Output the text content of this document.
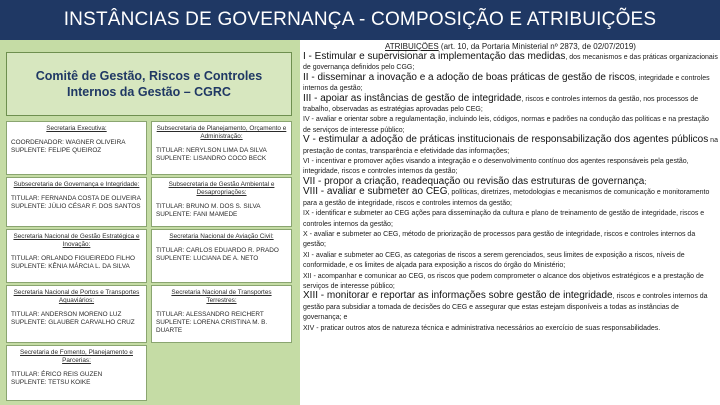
INSTÂNCIAS DE GOVERNANÇA - COMPOSIÇÃO E ATRIBUIÇÕES
Comitê de Gestão, Riscos e Controles
Internos da Gestão – CGRC
Secretaria Executiva:
COORDENADOR: WAGNER OLIVEIRA
SUPLENTE: FELIPE QUEIROZ
Subsecretaria de Planejamento, Orçamento e Administração:
TITULAR: NERYLSON LIMA DA SILVA
SUPLENTE: LISANDRO COCO BECK
Subsecretaria de Governança e Integridade:
TITULAR: FERNANDA COSTA DE OLIVEIRA
SUPLENTE: JÚLIO CÉSAR F. DOS SANTOS
Subsecretaria de Gestão Ambiental e Desapropriações:
TITULAR: BRUNO M. DOS S. SILVA
SUPLENTE: FANI MAMEDE
Secretaria Nacional de Gestão Estratégica e Inovação:
TITULAR: ORLANDO FIGUEIREDO FILHO
SUPLENTE: KÊNIA MÁRCIA L. DA SILVA
Secretaria Nacional de Aviação Civil:
TITULAR: CARLOS EDUARDO R. PRADO
SUPLENTE: LUCIANA DE A. NETO
Secretaria Nacional de Portos e Transportes Aquaviários:
TITULAR: ANDERSON MORENO LUZ
SUPLENTE: GLAUBER CARVALHO CRUZ
Secretaria Nacional de Transportes Terrestres:
TITULAR: ALESSANDRO REICHERT
SUPLENTE: LORENA CRISTINA M. B. DUARTE
Secretaria de Fomento, Planejamento e Parcerias:
TITULAR: ÉRICO REIS GUZEN
SUPLENTE: TETSU KOIKE
ATRIBUIÇÕES (art. 10, da Portaria Ministerial nº 2873, de 02/07/2019)
I - Estimular e supervisionar a implementação das medidas, dos mecanismos e das práticas organizacionais de governança definidos pelo CGG;
II - disseminar a inovação e a adoção de boas práticas de gestão de riscos, integridade e controles internos da gestão;
III - apoiar as instâncias de gestão de integridade, riscos e controles internos da gestão, nos processos de trabalho, observadas as estratégias aprovadas pelo CEG;
IV - avaliar e orientar sobre a regulamentação, incluindo leis, códigos, normas e padrões na condução das políticas e na prestação de serviços de interesse público;
V - estimular a adoção de práticas institucionais de responsabilização dos agentes públicos na prestação de contas, transparência e efetividade das informações;
VI - incentivar e promover ações visando a integração e o desenvolvimento contínuo dos agentes responsáveis pela gestão, integridade, riscos e controles internos da gestão;
VII - propor a criação, readequação ou revisão das estruturas de governança;
VIII - avaliar e submeter ao CEG, políticas, diretrizes, metodologias e mecanismos de comunicação e monitoramento para a gestão de integridade, riscos e controles internos da gestão;
IX - identificar e submeter ao CEG ações para disseminação da cultura e plano de treinamento de gestão de integridade, riscos e controles internos da gestão;
X - avaliar e submeter ao CEG, método de priorização de processos para gestão de integridade, riscos e controles internos da gestão;
XI - avaliar e submeter ao CEG, as categorias de riscos a serem gerenciados, seus limites de exposição a riscos, níveis de conformidade, e os limites de alçada para exposição a riscos do órgão do Ministério;
XII - acompanhar e comunicar ao CEG, os riscos que podem comprometer o alcance dos objetivos estratégicos e a prestação de serviços de interesse público;
XIII - monitorar e reportar as informações sobre gestão de integridade, riscos e controles internos da gestão para subsidiar a tomada de decisões do CEG e assegurar que estas estejam disponíveis a todas as instâncias de governança; e
XIV - praticar outros atos de natureza técnica e administrativa necessários ao exercício de suas responsabilidades.
